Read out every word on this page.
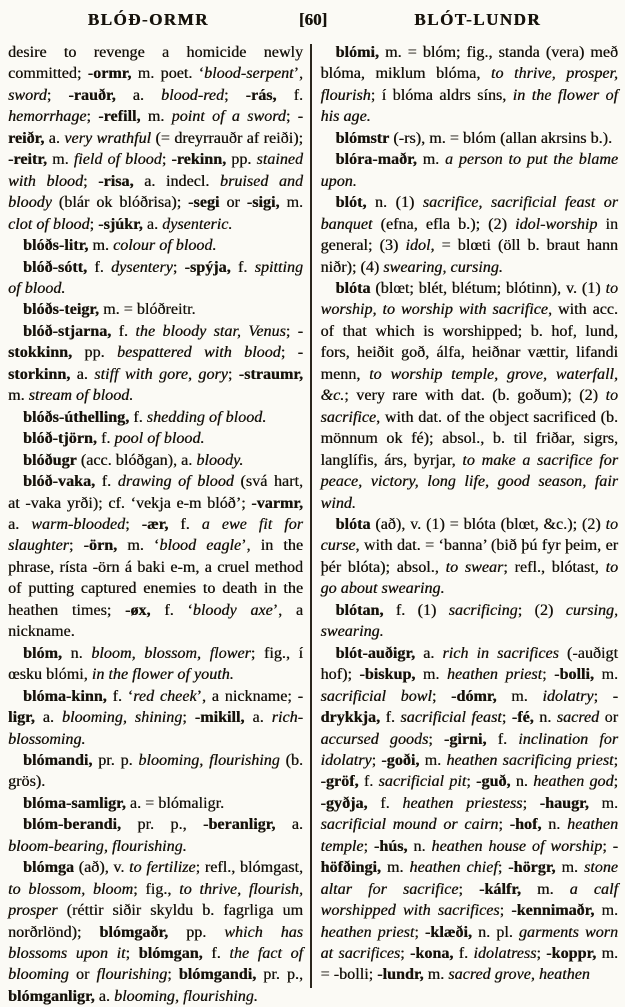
BLÓÐ-ORMR	[60]	BLÓT-LUNDR

desire to revenge a homicide newly committed; -ormr, m. poet. ‘blood-serpent’, sword; -rauðr, a. blood-red; -rás, f. hemorrhage; -refill, m. point of a sword; -reiðr, a. very wrathful (= dreyrrauðr af reiði); -reitr, m. field of blood; -rekinn, pp. stained with blood; -risa, a. indecl. bruised and bloody (blár ok blóðrisa); -segi or -sigi, m. clot of blood; -sjúkr, a. dysenteric.

blóðs-litr, m. colour of blood.

blóð-sótt, f. dysentery; -spýja, f. spitting of blood.

blóðs-teigr, m. = blóðreitr.

blóð-stjarna, f. the bloody star, Venus; -stokkinn, pp. bespattered with blood; -storkinn, a. stiff with gore, gory; -straumr, m. stream of blood.

blóðs-úthelling, f. shedding of blood.

blóð-tjörn, f. pool of blood.

blóðugr (acc. blóðgan), a. bloody.

blóð-vaka, f. drawing of blood (svá hart, at -vaka yrði); cf. ‘vekja e-m blóð’; -varmr, a. warm-blooded; -ær, f. a ewe fit for slaughter; -örn, m. ‘blood eagle’, in the phrase, rísta -örn á baki e-m, a cruel method of putting captured enemies to death in the heathen times; -øx, f. ‘bloody axe’, a nickname.

blóm, n. bloom, blossom, flower; fig., í œsku blómi, in the flower of youth.

blóma-kinn, f. ‘red cheek’, a nickname; -ligr, a. blooming, shining; -mikill, a. rich-blossoming.

blómandi, pr. p. blooming, flourishing (b. grös).

blóma-samligr, a. = blómaligr.

blóm-berandi, pr. p., -beranligr, a. bloom-bearing, flourishing.

blómga (að), v. to fertilize; refl., blómgast, to blossom, bloom; fig., to thrive, flourish, prosper (réttir siðir skyldu b. fagrliga um norðrlönd); blómgaðr, pp. which has blossoms upon it; blómgan, f. the fact of blooming or flourishing; blómgandi, pr. p., blómganligr, a. blooming, flourishing.

blómi, m. = blóm; fig., standa (vera) með blóma, miklum blóma, to thrive, prosper, flourish; í blóma aldrs síns, in the flower of his age.

blómstr (-rs), m. = blóm (allan akrsins b.).

blóra-maðr, m. a person to put the blame upon.

blót, n. (1) sacrifice, sacrificial feast or banquet (efna, efla b.); (2) idol-worship in general; (3) idol, = blœti (öll b. braut hann niðr); (4) swearing, cursing.

blóta (blœt; blét, blétum; blótinn), v. (1) to worship, to worship with sacrifice, with acc. of that which is worshipped; b. hof, lund, fors, heiðit goð, álfa, heiðnar vættir, lifandi menn, to worship temple, grove, waterfall, &c.; very rare with dat. (b. goðum); (2) to sacrifice, with dat. of the object sacrificed (b. mönnum ok fé); absol., b. til friðar, sigrs, langlífis, árs, byrjar, to make a sacrifice for peace, victory, long life, good season, fair wind.

blóta (að), v. (1) = blóta (blœt, &c.); (2) to curse, with dat. = ‘banna’ (bið þú fyr þeim, er þér blóta); absol., to swear; refl., blótast, to go about swearing.

blótan, f. (1) sacrificing; (2) cursing, swearing.

blót-auðigr, a. rich in sacrifices (-auðigt hof); -biskup, m. heathen priest; -bolli, m. sacrificial bowl; -dómr, m. idolatry; -drykkja, f. sacrificial feast; -fé, n. sacred or accursed goods; -girni, f. inclination for idolatry; -goði, m. heathen sacrificing priest; -gröf, f. sacrificial pit; -guð, n. heathen god; -gyðja, f. heathen priestess; -haugr, m. sacrificial mound or cairn; -hof, n. heathen temple; -hús, n. heathen house of worship; -höfðingi, m. heathen chief; -hörgr, m. stone altar for sacrifice; -kálfr, m. a calf worshipped with sacrifices; -kennimaðr, m. heathen priest; -klæði, n. pl. garments worn at sacrifices; -kona, f. idolatress; -koppr, m. = -bolli; -lundr, m. sacred grove, heathen
